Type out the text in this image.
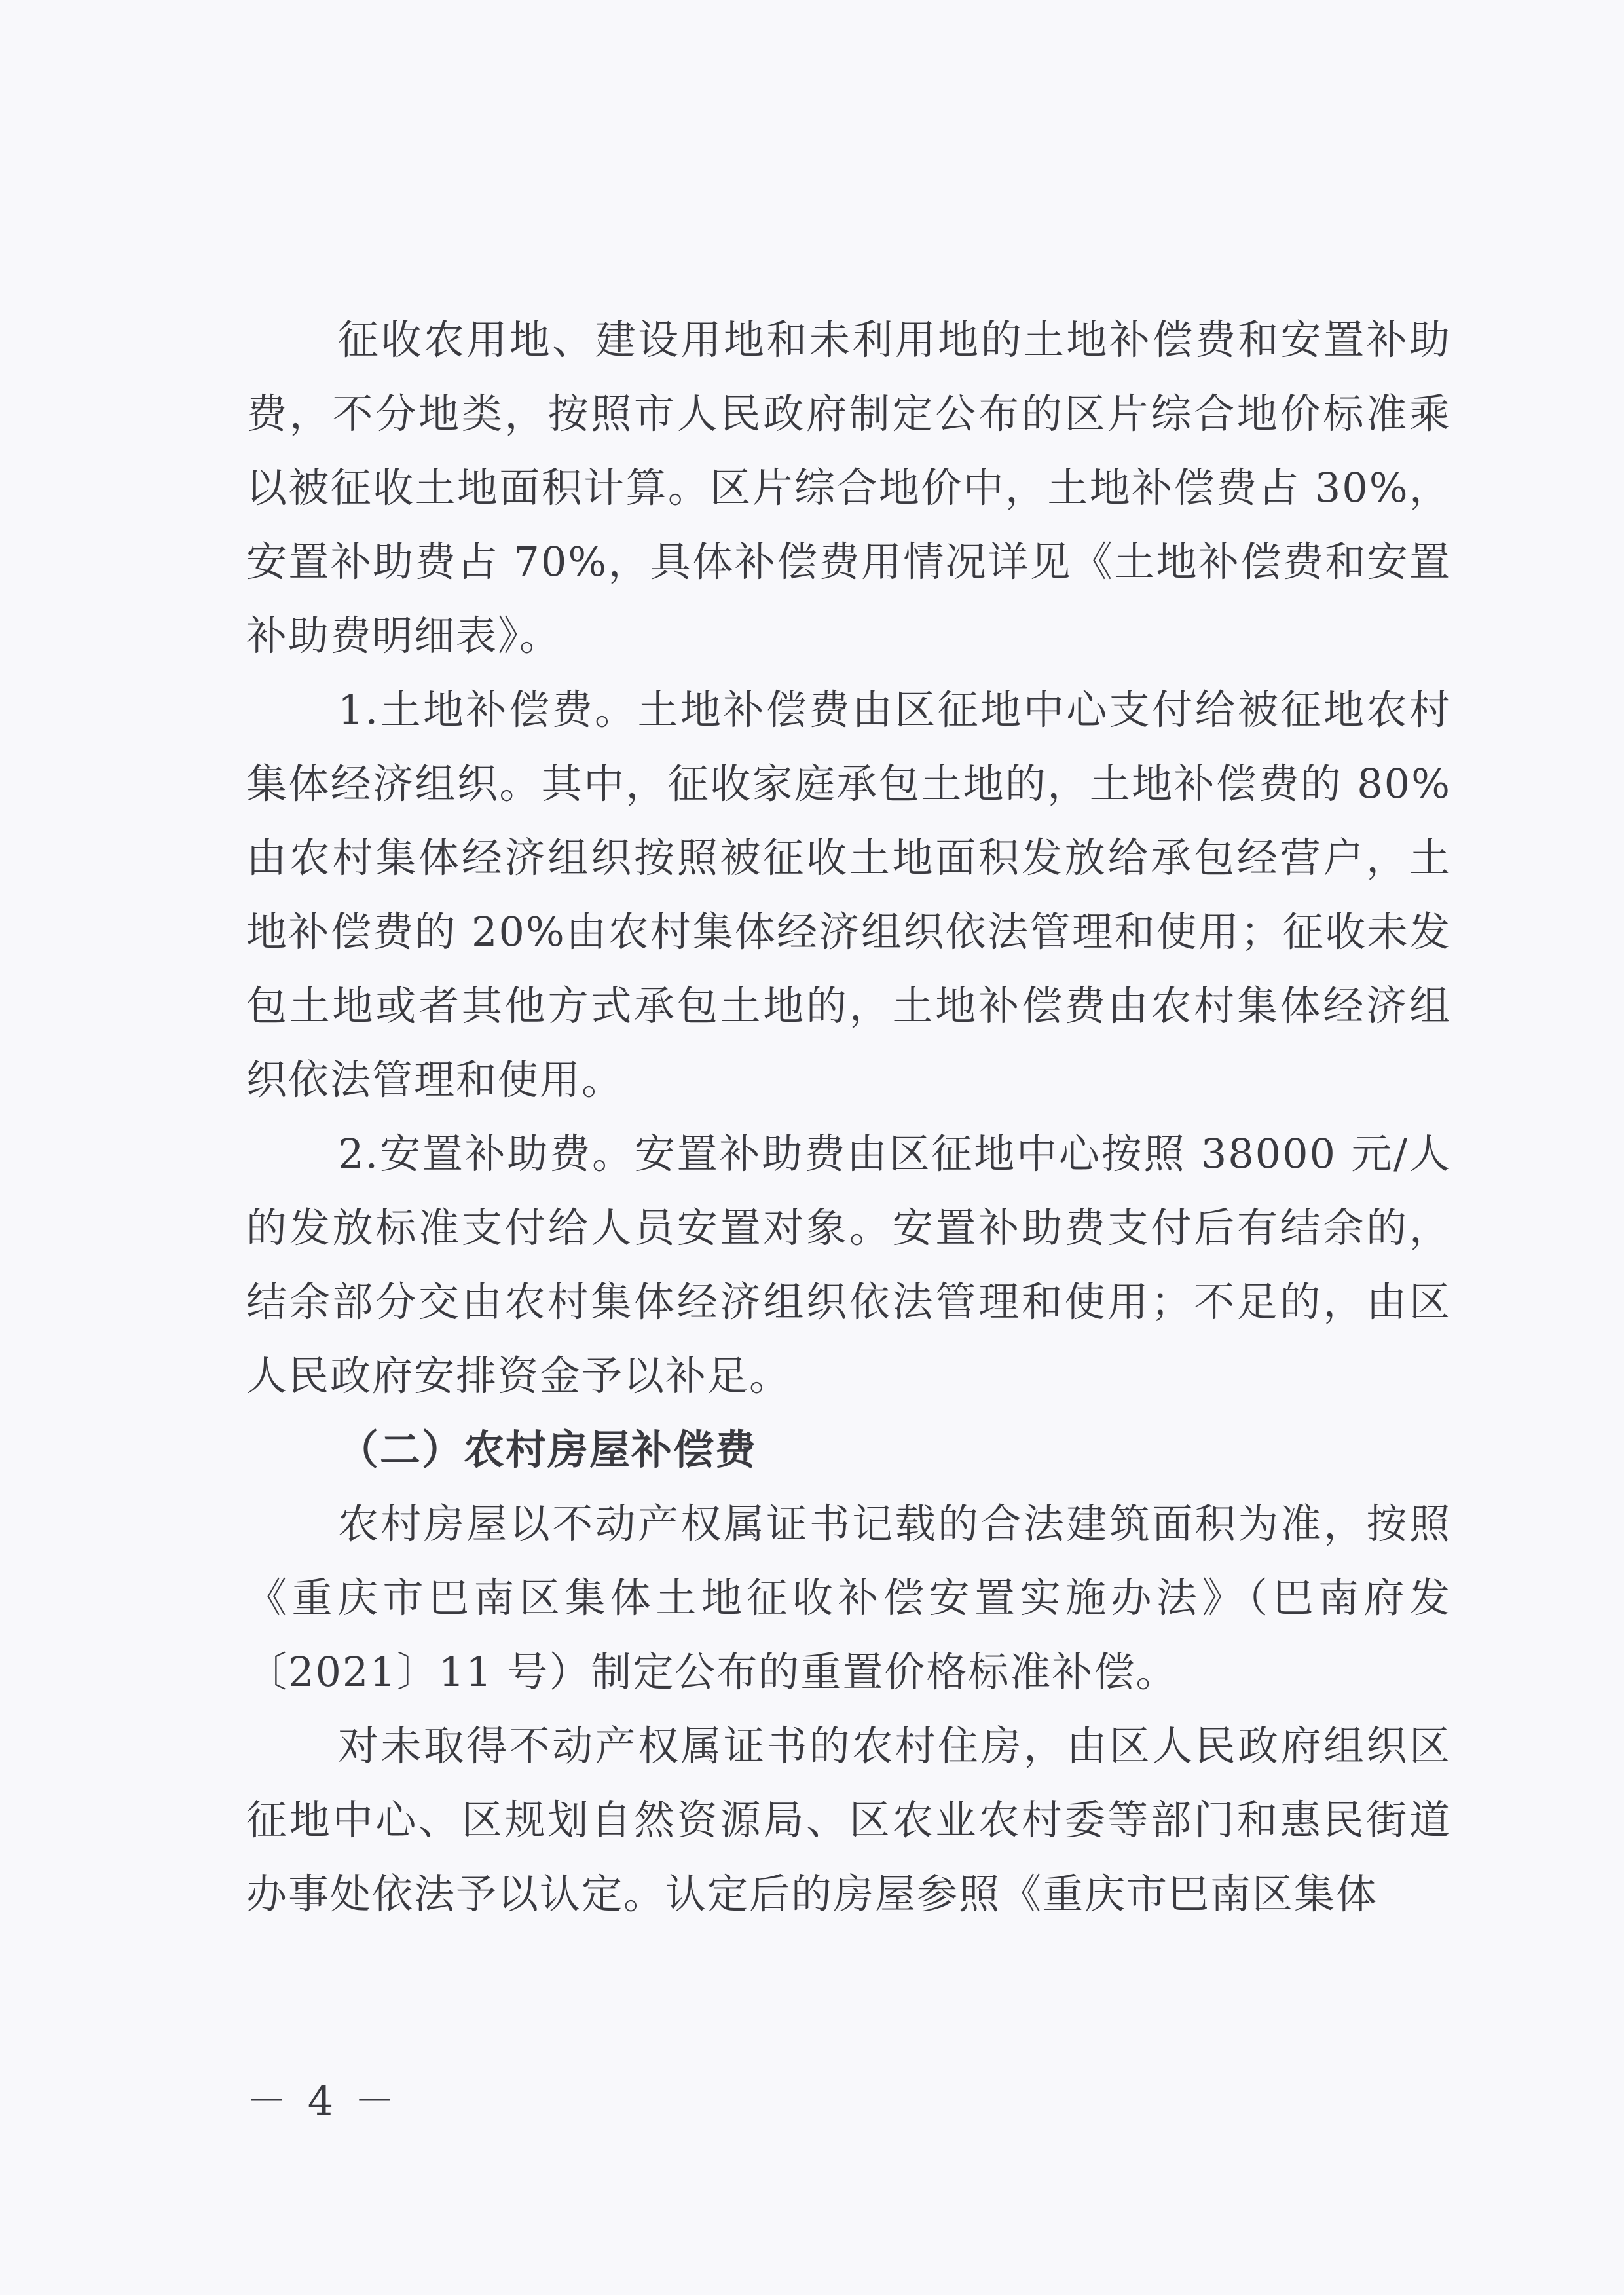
征收农用地、建设用地和未利用地的土地补偿费和安置补助费，不分地类，按照市人民政府制定公布的区片综合地价标准乘以被征收土地面积计算。区片综合地价中，土地补偿费占 30%，安置补助费占 70%，具体补偿费用情况详见《土地补偿费和安置补助费明细表》。

1.土地补偿费。土地补偿费由区征地中心支付给被征地农村集体经济组织。其中，征收家庭承包土地的，土地补偿费的 80%由农村集体经济组织按照被征收土地面积发放给承包经营户，土地补偿费的 20%由农村集体经济组织依法管理和使用；征收未发包土地或者其他方式承包土地的，土地补偿费由农村集体经济组织依法管理和使用。

2.安置补助费。安置补助费由区征地中心按照 38000 元/人的发放标准支付给人员安置对象。安置补助费支付后有结余的，结余部分交由农村集体经济组织依法管理和使用；不足的，由区人民政府安排资金予以补足。

（二）农村房屋补偿费

农村房屋以不动产权属证书记载的合法建筑面积为准，按照《重庆市巴南区集体土地征收补偿安置实施办法》（巴南府发〔2021〕11 号）制定公布的重置价格标准补偿。

对未取得不动产权属证书的农村住房，由区人民政府组织区征地中心、区规划自然资源局、区农业农村委等部门和惠民街道办事处依法予以认定。认定后的房屋参照《重庆市巴南区集体

－ 4 －
